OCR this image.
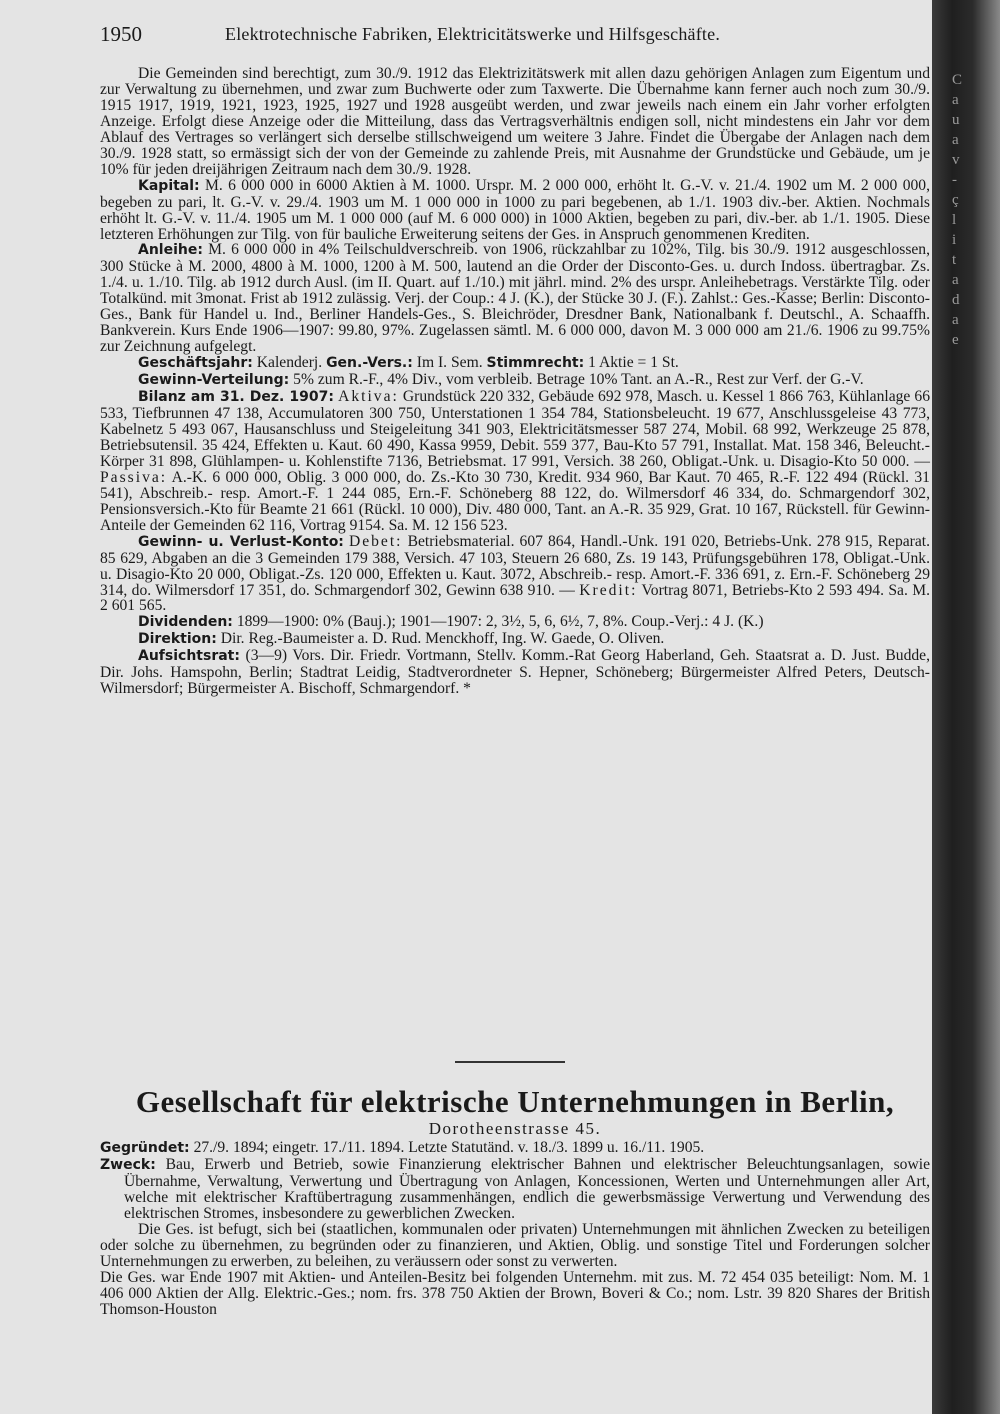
1950	Elektrotechnische Fabriken, Elektricitätswerke und Hilfsgeschäfte.

Die Gemeinden sind berechtigt, zum 30./9. 1912 das Elektrizitätswerk mit allen dazu gehörigen Anlagen zum Eigentum und zur Verwaltung zu übernehmen, und zwar zum Buchwerte oder zum Taxwerte. Die Übernahme kann ferner auch noch zum 30./9. 1915 1917, 1919, 1921, 1923, 1925, 1927 und 1928 ausgeübt werden, und zwar jeweils nach einem ein Jahr vorher erfolgten Anzeige. Erfolgt diese Anzeige oder die Mitteilung, dass das Vertragsverhältnis endigen soll, nicht mindestens ein Jahr vor dem Ablauf des Vertrages so verlängert sich derselbe stillschweigend um weitere 3 Jahre. Findet die Übergabe der Anlagen nach dem 30./9. 1928 statt, so ermässigt sich der von der Gemeinde zu zahlende Preis, mit Ausnahme der Grundstücke und Gebäude, um je 10% für jeden dreijährigen Zeitraum nach dem 30./9. 1928.

Kapital: M. 6 000 000 in 6000 Aktien à M. 1000. Urspr. M. 2 000 000, erhöht lt. G.-V. v. 21./4. 1902 um M. 2 000 000, begeben zu pari, lt. G.-V. v. 29./4. 1903 um M. 1 000 000 in 1000 zu pari begebenen, ab 1./1. 1903 div.-ber. Aktien. Nochmals erhöht lt. G.-V. v. 11./4. 1905 um M. 1 000 000 (auf M. 6 000 000) in 1000 Aktien, begeben zu pari, div.-ber. ab 1./1. 1905. Diese letzteren Erhöhungen zur Tilg. von für bauliche Erweiterung seitens der Ges. in Anspruch genommenen Krediten.

Anleihe: M. 6 000 000 in 4% Teilschuldverschreib. von 1906, rückzahlbar zu 102%, Tilg. bis 30./9. 1912 ausgeschlossen, 300 Stücke à M. 2000, 4800 à M. 1000, 1200 à M. 500, lautend an die Order der Disconto-Ges. u. durch Indoss. übertragbar. Zs. 1./4. u. 1./10. Tilg. ab 1912 durch Ausl. (im II. Quart. auf 1./10.) mit jährl. mind. 2% des urspr. Anleihebetrags. Verstärkte Tilg. oder Totalkünd. mit 3monat. Frist ab 1912 zulässig. Verj. der Coup.: 4 J. (K.), der Stücke 30 J. (F.). Zahlst.: Ges.-Kasse; Berlin: Disconto-Ges., Bank für Handel u. Ind., Berliner Handels-Ges., S. Bleichröder, Dresdner Bank, Nationalbank f. Deutschl., A. Schaaffh. Bankverein. Kurs Ende 1906—1907: 99.80, 97%. Zugelassen sämtl. M. 6 000 000, davon M. 3 000 000 am 21./6. 1906 zu 99.75% zur Zeichnung aufgelegt.

Geschäftsjahr: Kalenderj. Gen.-Vers.: Im I. Sem. Stimmrecht: 1 Aktie = 1 St.

Gewinn-Verteilung: 5% zum R.-F., 4% Div., vom verbleib. Betrage 10% Tant. an A.-R., Rest zur Verf. der G.-V.

Bilanz am 31. Dez. 1907: Aktiva: Grundstück 220 332, Gebäude 692 978, Masch. u. Kessel 1 866 763, Kühlanlage 66 533, Tiefbrunnen 47 138, Accumulatoren 300 750, Unterstationen 1 354 784, Stationsbeleucht. 19 677, Anschlussgeleise 43 773, Kabelnetz 5 493 067, Hausanschluss und Steigeleitung 341 903, Elektricitätsmesser 587 274, Mobil. 68 992, Werkzeuge 25 878, Betriebsutensil. 35 424, Effekten u. Kaut. 60 490, Kassa 9959, Debit. 559 377, Bau-Kto 57 791, Installat. Mat. 158 346, Beleucht.-Körper 31 898, Glühlampen- u. Kohlenstifte 7136, Betriebsmat. 17 991, Versich. 38 260, Obligat.-Unk. u. Disagio-Kto 50 000. — Passiva: A.-K. 6 000 000, Oblig. 3 000 000, do. Zs.-Kto 30 730, Kredit. 934 960, Bar Kaut. 70 465, R.-F. 122 494 (Rückl. 31 541), Abschreib.- resp. Amort.-F. 1 244 085, Ern.-F. Schöneberg 88 122, do. Wilmersdorf 46 334, do. Schmargendorf 302, Pensionsversich.-Kto für Beamte 21 661 (Rückl. 10 000), Div. 480 000, Tant. an A.-R. 35 929, Grat. 10 167, Rückstell. für Gewinn-Anteile der Gemeinden 62 116, Vortrag 9154. Sa. M. 12 156 523.

Gewinn- u. Verlust-Konto: Debet: Betriebsmaterial. 607 864, Handl.-Unk. 191 020, Betriebs-Unk. 278 915, Reparat. 85 629, Abgaben an die 3 Gemeinden 179 388, Versich. 47 103, Steuern 26 680, Zs. 19 143, Prüfungsgebühren 178, Obligat.-Unk. u. Disagio-Kto 20 000, Obligat.-Zs. 120 000, Effekten u. Kaut. 3072, Abschreib.- resp. Amort.-F. 336 691, z. Ern.-F. Schöneberg 29 314, do. Wilmersdorf 17 351, do. Schmargendorf 302, Gewinn 638 910. — Kredit: Vortrag 8071, Betriebs-Kto 2 593 494. Sa. M. 2 601 565.

Dividenden: 1899—1900: 0% (Bauj.); 1901—1907: 2, 3½, 5, 6, 6½, 7, 8%. Coup.-Verj.: 4 J. (K.)

Direktion: Dir. Reg.-Baumeister a. D. Rud. Menckhoff, Ing. W. Gaede, O. Oliven.

Aufsichtsrat: (3—9) Vors. Dir. Friedr. Vortmann, Stellv. Komm.-Rat Georg Haberland, Geh. Staatsrat a. D. Just. Budde, Dir. Johs. Hamspohn, Berlin; Stadtrat Leidig, Stadtverordneter S. Hepner, Schöneberg; Bürgermeister Alfred Peters, Deutsch-Wilmersdorf; Bürgermeister A. Bischoff, Schmargendorf. *

Gesellschaft für elektrische Unternehmungen in Berlin,
Dorotheenstrasse 45.

Gegründet: 27./9. 1894; eingetr. 17./11. 1894. Letzte Statutänd. v. 18./3. 1899 u. 16./11. 1905.

Zweck: Bau, Erwerb und Betrieb, sowie Finanzierung elektrischer Bahnen und elektrischer Beleuchtungsanlagen, sowie Übernahme, Verwaltung, Verwertung und Übertragung von Anlagen, Koncessionen, Werten und Unternehmungen aller Art, welche mit elektrischer Kraftübertragung zusammenhängen, endlich die gewerbsmässige Verwertung und Verwendung des elektrischen Stromes, insbesondere zu gewerblichen Zwecken.

Die Ges. ist befugt, sich bei (staatlichen, kommunalen oder privaten) Unternehmungen mit ähnlichen Zwecken zu beteiligen oder solche zu übernehmen, zu begründen oder zu finanzieren, und Aktien, Oblig. und sonstige Titel und Forderungen solcher Unternehmungen zu erwerben, zu beleihen, zu veräussern oder sonst zu verwerten.

Die Ges. war Ende 1907 mit Aktien- und Anteilen-Besitz bei folgenden Unternehm. mit zus. M. 72 454 035 beteiligt: Nom. M. 1 406 000 Aktien der Allg. Elektric.-Ges.; nom. frs. 378 750 Aktien der Brown, Boveri & Co.; nom. Lstr. 39 820 Shares der British Thomson-Houston

C
a
u
a
v
-
ç
l
i
t
a
d
a
e
